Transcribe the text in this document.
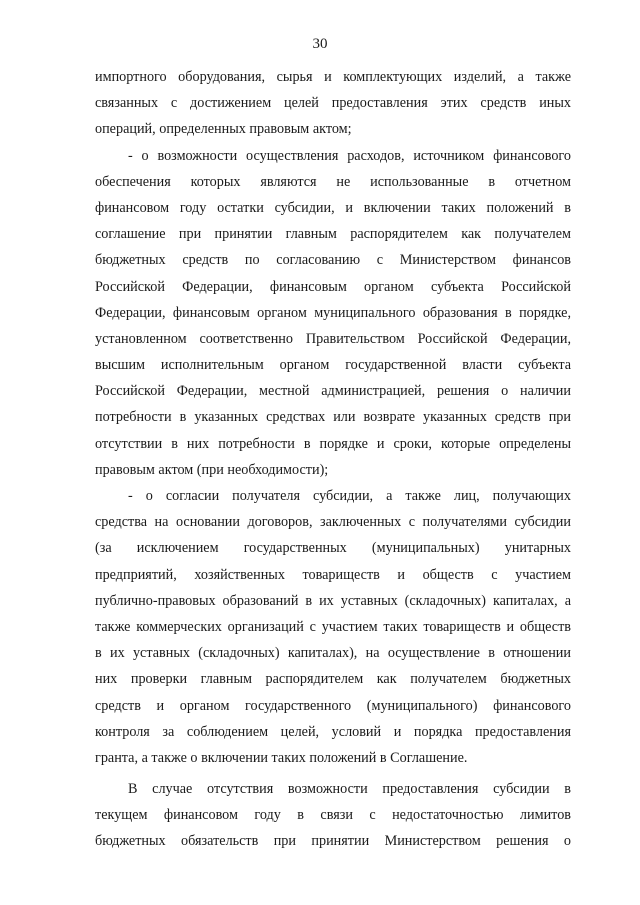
30
импортного оборудования, сырья и комплектующих изделий, а также
связанных с достижением целей предоставления этих средств иных
операций, определенных правовым актом;
- о возможности осуществления расходов, источником финансового
обеспечения которых являются не использованные в отчетном
финансовом году остатки субсидии, и включении таких положений в
соглашение при принятии главным распорядителем как получателем
бюджетных средств по согласованию с Министерством финансов
Российской Федерации, финансовым органом субъекта Российской
Федерации, финансовым органом муниципального образования в порядке,
установленном соответственно Правительством Российской Федерации,
высшим исполнительным органом государственной власти субъекта
Российской Федерации, местной администрацией, решения о наличии
потребности в указанных средствах или возврате указанных средств при
отсутствии в них потребности в порядке и сроки, которые определены
правовым актом (при необходимости);
- о согласии получателя субсидии, а также лиц, получающих
средства на основании договоров, заключенных с получателями субсидии
(за исключением государственных (муниципальных) унитарных
предприятий, хозяйственных товариществ и обществ с участием
публично-правовых образований в их уставных (складочных) капиталах, а
также коммерческих организаций с участием таких товариществ и обществ
в их уставных (складочных) капиталах), на осуществление в отношении
них проверки главным распорядителем как получателем бюджетных
средств и органом государственного (муниципального) финансового
контроля за соблюдением целей, условий и порядка предоставления
гранта, а также о включении таких положений в Соглашение.
В случае отсутствия возможности предоставления субсидии в
текущем финансовом году в связи с недостаточностью лимитов
бюджетных обязательств при принятии Министерством решения о
